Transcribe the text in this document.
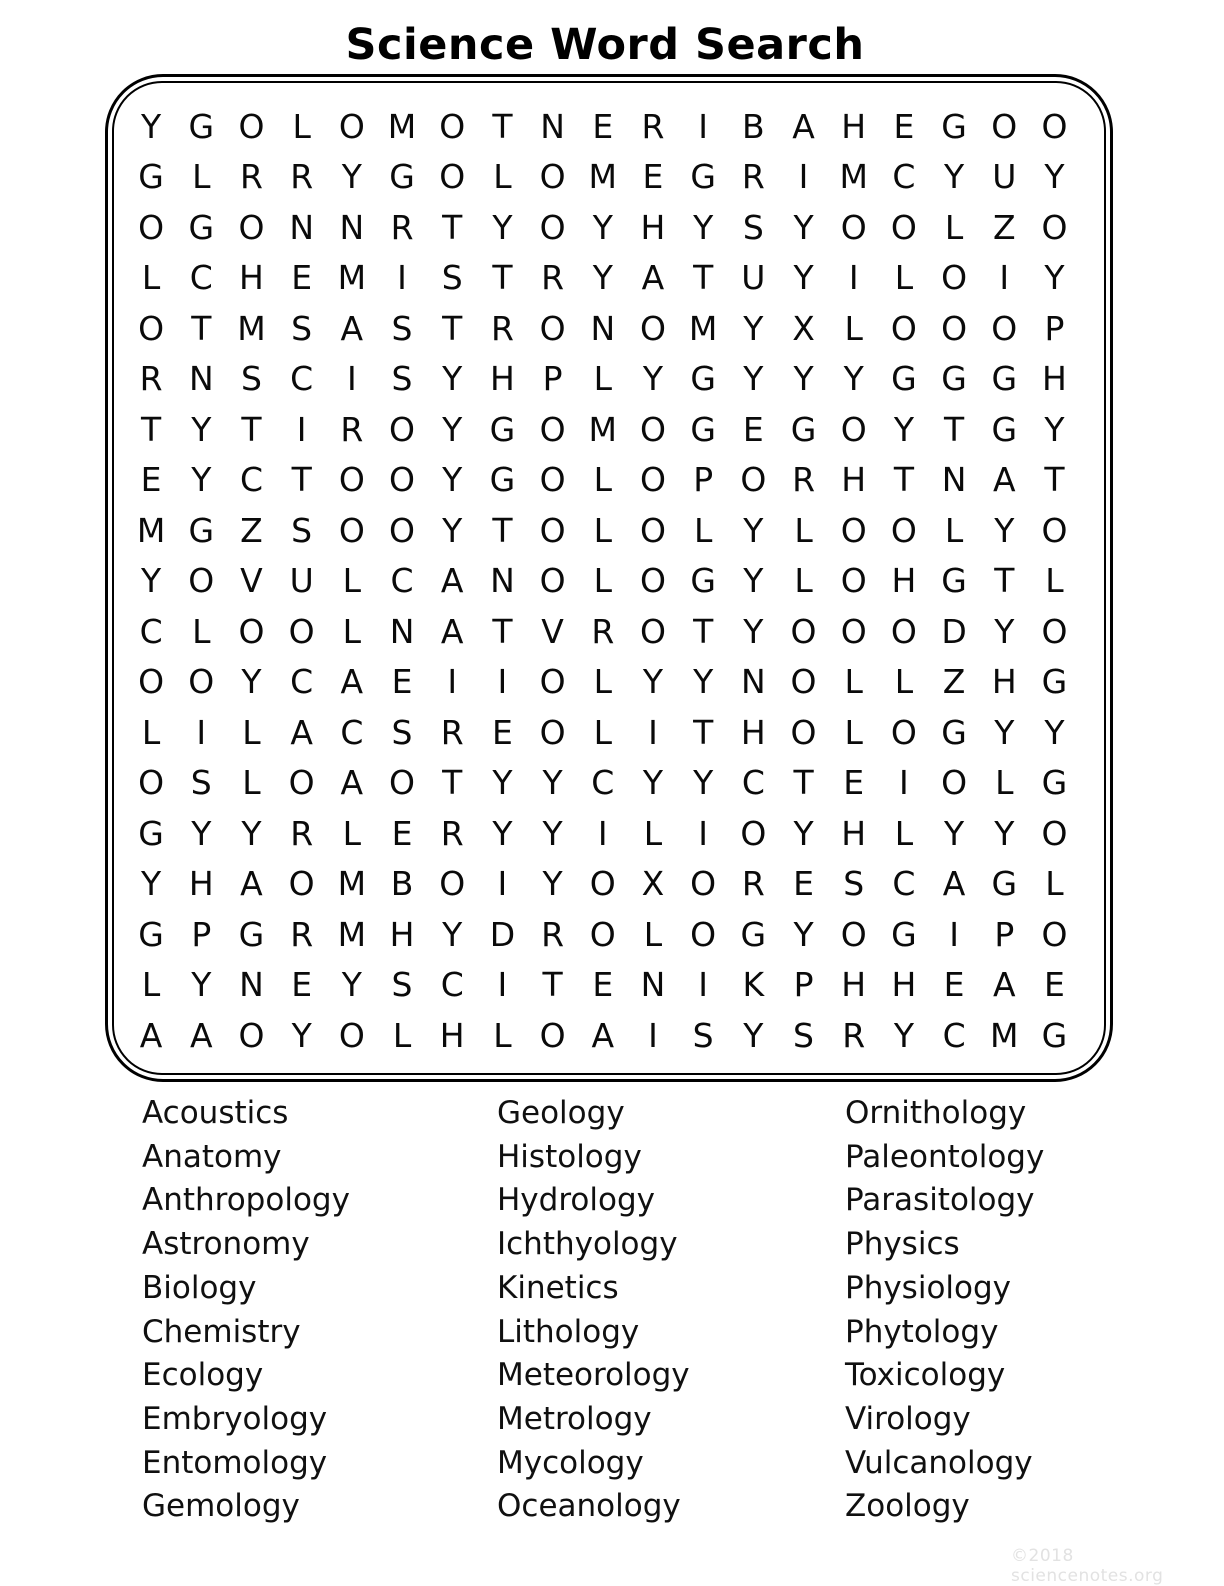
Science Word Search
Y G O L O M O T N E R	I	B A H E G O O
G L R R Y G O L O M E G R	I M C Y U Y
O G O N N R T Y O Y H Y S Y O O L Z O
L C H E M I	S T R Y A T U Y	I	L O I	Y
O T M S A S T R O N O M Y X L O O O P
R N S C	I	S Y H P L Y G Y Y Y G G G H
T Y T	I	R O Y G O M O G E G O Y T G Y
E Y C T O O Y G O L O P O R H T N A T
M G Z S O O Y T O L O L Y L O O L Y O
Y O V U L C A N O L O G Y L O H G T L
C L O O L N A T V R O T Y O O O D Y O
O O Y C A E	I	I O L Y Y N O L L Z H G
L	I	L A C S R E O L	I	T H O L O G Y Y
O S L O A O T Y Y C Y Y C T E	I O L G
G Y Y R L E R Y Y	I	L	I O Y H L Y Y O
Y H A O M B O I	Y O X O R E S C A G L
G P G R M H Y D R O L O G Y O G I	P O
L Y N E Y S C	I	T E N I	K P H H E A E
A A O Y O L H L O A	I	S Y S R Y C M G
Acoustics
Anatomy
Anthropology
Astronomy
Biology
Chemistry
Ecology
Embryology
Entomology
Gemology
Geology
Histology
Hydrology
Ichthyology
Kinetics
Lithology
Meteorology
Metrology
Mycology
Oceanology
Ornithology
Paleontology
Parasitology
Physics
Physiology
Phytology
Toxicology
Virology
Vulcanology
Zoology
©2018 sciencenotes.org
